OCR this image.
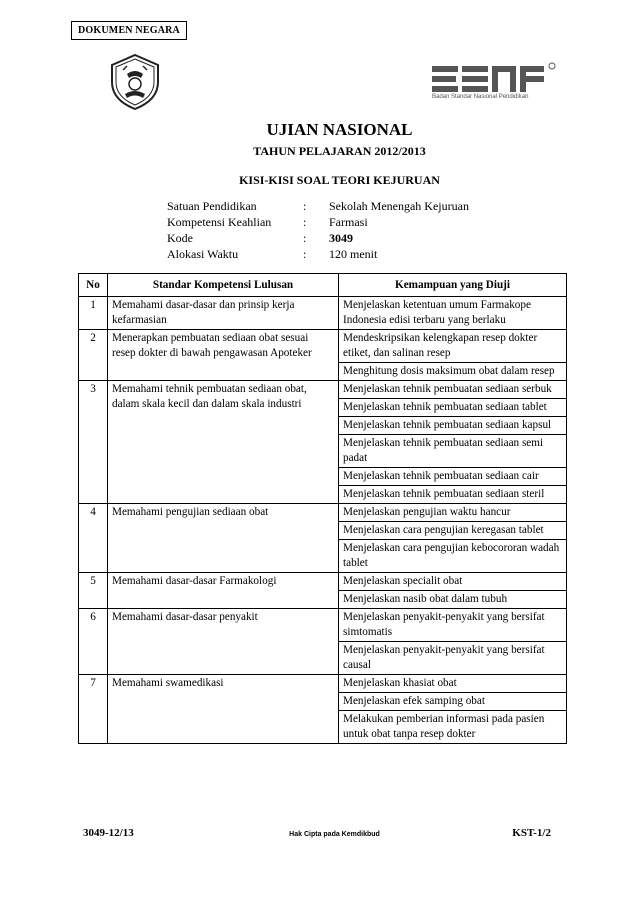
DOKUMEN NEGARA
Badan Standar Nasional Pendidikan
UJIAN NASIONAL
TAHUN PELAJARAN 2012/2013
KISI-KISI SOAL TEORI KEJURUAN
Satuan Pendidikan	:	Sekolah Menengah Kejuruan
Kompetensi Keahlian	:	Farmasi
Kode	:	3049
Alokasi Waktu	:	120 menit
No	Standar Kompetensi Lulusan	Kemampuan yang Diuji
1	Memahami dasar-dasar dan prinsip kerja kefarmasian	Menjelaskan ketentuan umum Farmakope Indonesia edisi terbaru yang berlaku
2	Menerapkan pembuatan sediaan obat sesuai resep dokter di bawah pengawasan Apoteker	Mendeskripsikan kelengkapan resep dokter etiket, dan salinan resep
		Menghitung dosis maksimum obat dalam resep
3	Memahami tehnik pembuatan sediaan obat, dalam skala kecil dan dalam skala industri	Menjelaskan tehnik pembuatan sediaan serbuk
		Menjelaskan tehnik pembuatan sediaan tablet
		Menjelaskan tehnik pembuatan sediaan kapsul
		Menjelaskan tehnik pembuatan sediaan semi padat
		Menjelaskan tehnik pembuatan sediaan cair
		Menjelaskan tehnik pembuatan sediaan steril
4	Memahami pengujian sediaan obat	Menjelaskan pengujian waktu hancur
		Menjelaskan cara pengujian keregasan tablet
		Menjelaskan cara pengujian kebocororan wadah tablet
5	Memahami dasar-dasar Farmakologi	Menjelaskan specialit obat
		Menjelaskan nasib obat dalam tubuh
6	Memahami dasar-dasar penyakit	Menjelaskan penyakit-penyakit yang bersifat simtomatis
		Menjelaskan penyakit-penyakit yang bersifat causal
7	Memahami swamedikasi	Menjelaskan khasiat obat
		Menjelaskan efek samping obat
		Melakukan pemberian informasi pada pasien untuk obat tanpa resep dokter
3049-12/13	Hak Cipta pada Kemdikbud	KST-1/2
